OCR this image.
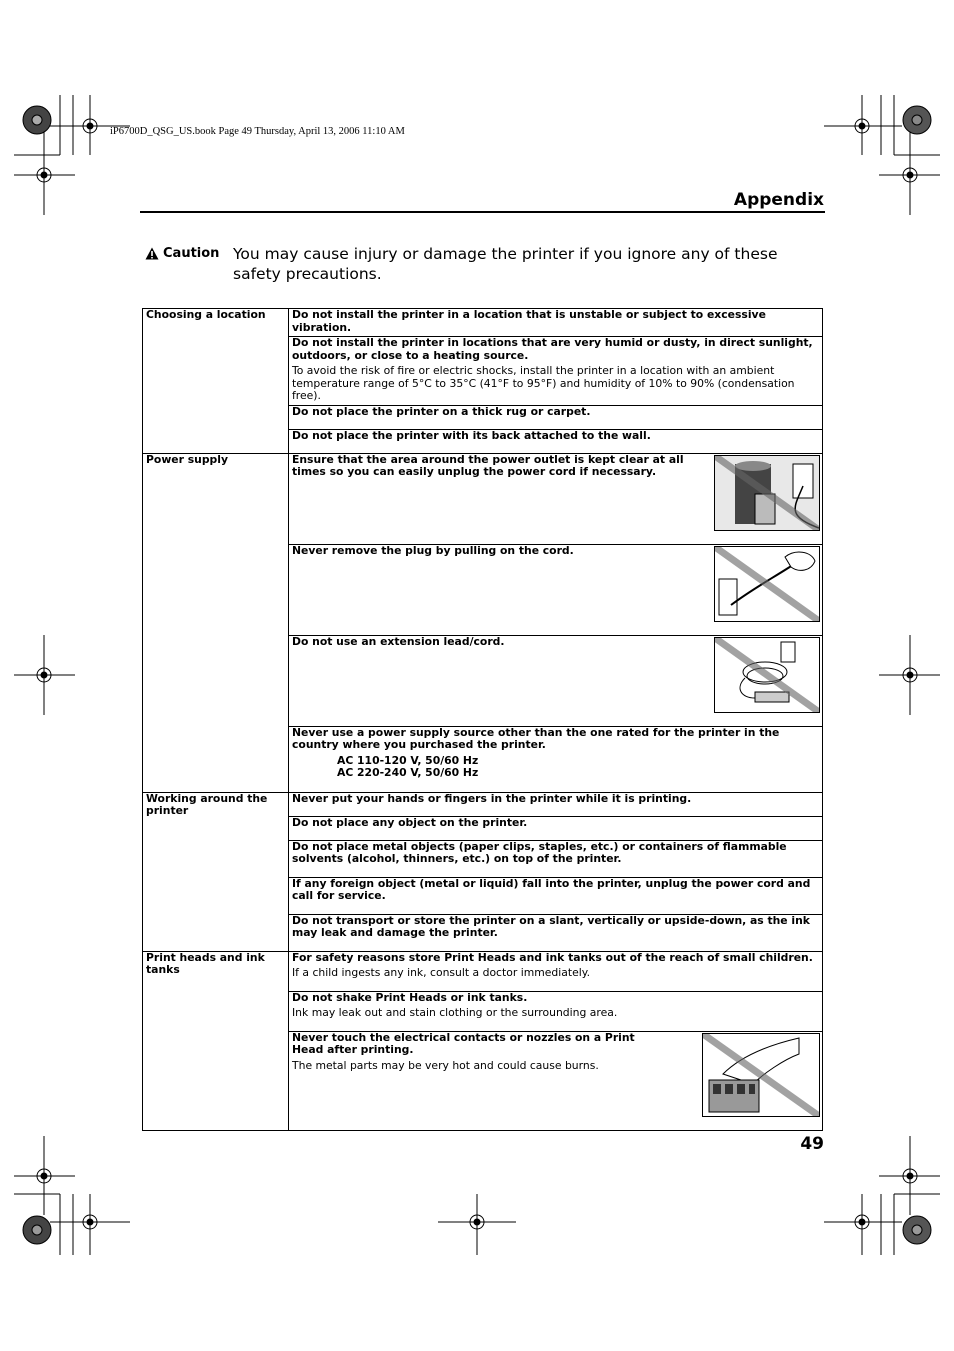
iP6700D_QSG_US.book Page 49 Thursday, April 13, 2006 11:10 AM
Appendix
Caution You may cause injury or damage the printer if you ignore any of these safety precautions.
Choosing a location	Do not install the printer in a location that is unstable or subject to excessive vibration.

	Do not install the printer in locations that are very humid or dusty, in direct sunlight, outdoors, or close to a heating source.
To avoid the risk of fire or electric shocks, install the printer in a location with an ambient temperature range of 5°C to 35°C (41°F to 95°F) and humidity of 10% to 90% (condensation free).

	Do not place the printer on a thick rug or carpet.

	Do not place the printer with its back attached to the wall.

Power supply	Ensure that the area around the power outlet is kept clear at all times so you can easily unplug the power cord if necessary.

	Never remove the plug by pulling on the cord.

	Do not use an extension lead/cord.

	Never use a power supply source other than the one rated for the printer in the country where you purchased the printer.
AC 110-120 V, 50/60 Hz
AC 220-240 V, 50/60 Hz

Working around the printer	Never put your hands or fingers in the printer while it is printing.

	Do not place any object on the printer.

	Do not place metal objects (paper clips, staples, etc.) or containers of flammable solvents (alcohol, thinners, etc.) on top of the printer.

	If any foreign object (metal or liquid) fall into the printer, unplug the power cord and call for service.

	Do not transport or store the printer on a slant, vertically or upside-down, as the ink may leak and damage the printer.

Print heads and ink tanks	For safety reasons store Print Heads and ink tanks out of the reach of small children.
If a child ingests any ink, consult a doctor immediately.

	Do not shake Print Heads or ink tanks.
Ink may leak out and stain clothing or the surrounding area.

	Never touch the electrical contacts or nozzles on a Print Head after printing.
The metal parts may be very hot and could cause burns.
49
